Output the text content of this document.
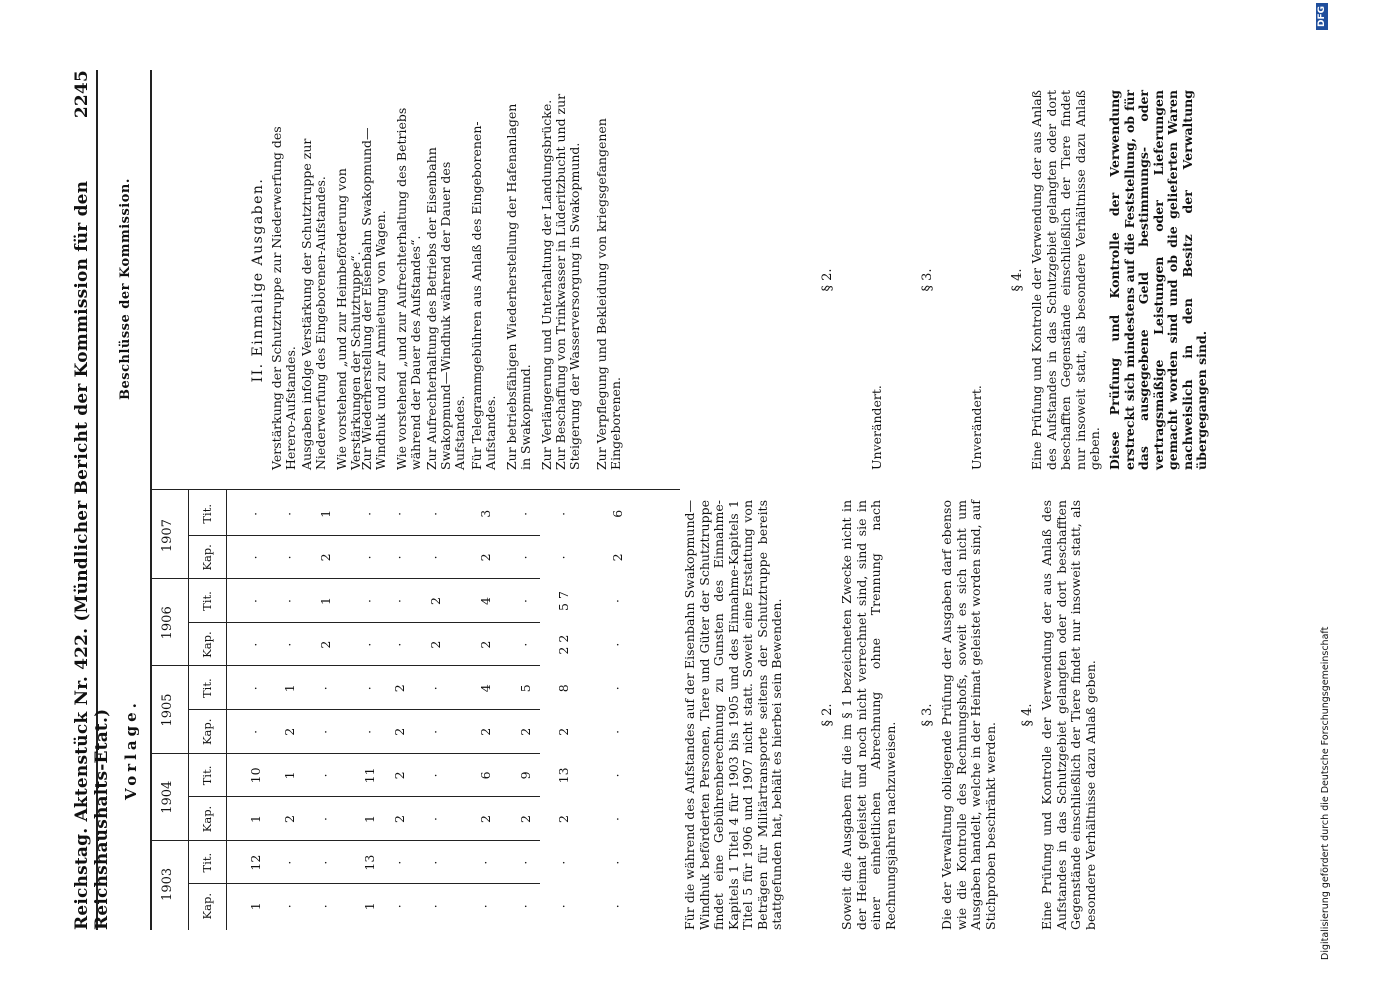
Reichstag. Aktenstück Nr. 422. (Mündlicher Bericht der Kommission für den Reichshaushalts-Etat.)
2245
Vorlage.
Beschlüsse der Kommission.	II. Einmalige Ausgaben.
Für die während des Aufstandes auf der Eisenbahn Swakopmund—Windhuk beförderten Personen, Tiere und Güter der Schutztruppe findet eine Gebührenberechnung zu Gunsten des Einnahme-Kapitels 1 Titel 4 für 1903 bis 1905 und des Einnahme-Kapitels 1 Titel 5 für 1906 und 1907 nicht statt. Soweit eine Erstattung von Beträgen für Militärtransporte seitens der Schutztruppe bereits stattgefunden hat, behält es hierbei sein Bewenden.	§ 2. Soweit die Ausgaben für die im § 1 bezeichneten Zwecke nicht in der Heimat geleistet und noch nicht verrechnet sind, sind sie in einer einheitlichen Abrechnung ohne Trennung nach Rechnungsjahren nachzuweisen.
§ 3. Die der Verwaltung obliegende Prüfung der Ausgaben darf ebenso wie die Kontrolle des Rechnungshofs, soweit es sich nicht um Ausgaben handelt, welche in der Heimat geleistet worden sind, auf Stichproben beschränkt werden.
§ 4. Eine Prüfung und Kontrolle der Verwendung der aus Anlaß des Aufstandes in das Schutzgebiet gelangten oder dort beschafften Gegenstände einschließlich der Tiere findet nur insoweit statt, als besondere Verhältnisse dazu Anlaß geben.
§ 2.
Unverändert.
§ 3.
Unverändert.
§ 4. Eine Prüfung und Kontrolle der Verwendung der aus Anlaß des Aufstandes in das Schutzgebiet gelangten oder dort beschafften Gegenstände einschließlich der Tiere findet nur insoweit statt, als besondere Verhältnisse dazu Anlaß geben. Diese Prüfung und Kontrolle der Verwendung erstreckt sich mindestens auf die Feststellung, ob für das ausgegebene Geld bestimmungs- oder vertragsmäßige Leistungen oder Lieferungen gemacht worden sind und ob die gelieferten Waren nachweislich in den Besitz der Verwaltung übergegangen sind.
Digitalisierung gefördert durch die Deutsche Forschungsgemeinschaft
DFG
1903
Kap.
Tit.
1904
Kap.
Tit.
1905
Kap.
Tit.
1906
Kap.
Tit.
1907
Kap.
Tit.
1
12
1
10
·
·
·
·
·
·
·
·
2
1
2
1
·
·
·
·
·
·
·
·
·
·
2
1
2
1
1
13
1
11
·
·
·
·
·
·
·
·
2
2
2
2
·
·
·
·
·
·
·
·
·
·
2
2
·
·
·
·
2
6
2
4
2
4
2
3
·
·
2
9
2
5
·
·
·
·
·
·
2
13
2
8
2 2
5 7
·
·
·
·
·
·
·
·
·
·
2
6
Verstärkung der Schutztruppe zur Niederwerfung des Herero-Aufstandes. Ausgaben infolge Verstärkung der Schutztruppe zur Niederwerfung des Eingeborenen-Aufstandes. Wie vorstehend „und zur Heimbeförderung von Verstärkungen der Schutztruppe“.
Zur Wiederherstellung der Eisenbahn Swakopmund—Windhuk und zur Anmietung von Wagen. Wie vorstehend „und zur Aufrechterhaltung des Betriebs während der Dauer des Aufstandes“. Zur Aufrechterhaltung des Betriebs der Eisenbahn Swakopmund—Windhuk während der Dauer des Aufstandes. Für Telegrammgebühren aus Anlaß des Eingeborenen-Aufstandes. Zur betriebsfähigen Wiederherstellung der Hafenanlagen in Swakopmund. Zur Verlängerung und Unterhaltung der Landungsbrücke. Zur Beschaffung von Trinkwasser in Lüderitzbucht und zur Steigerung der Wasserversorgung in Swakopmund. Zur Verpflegung und Bekleidung von kriegsgefangenen Eingeborenen.
